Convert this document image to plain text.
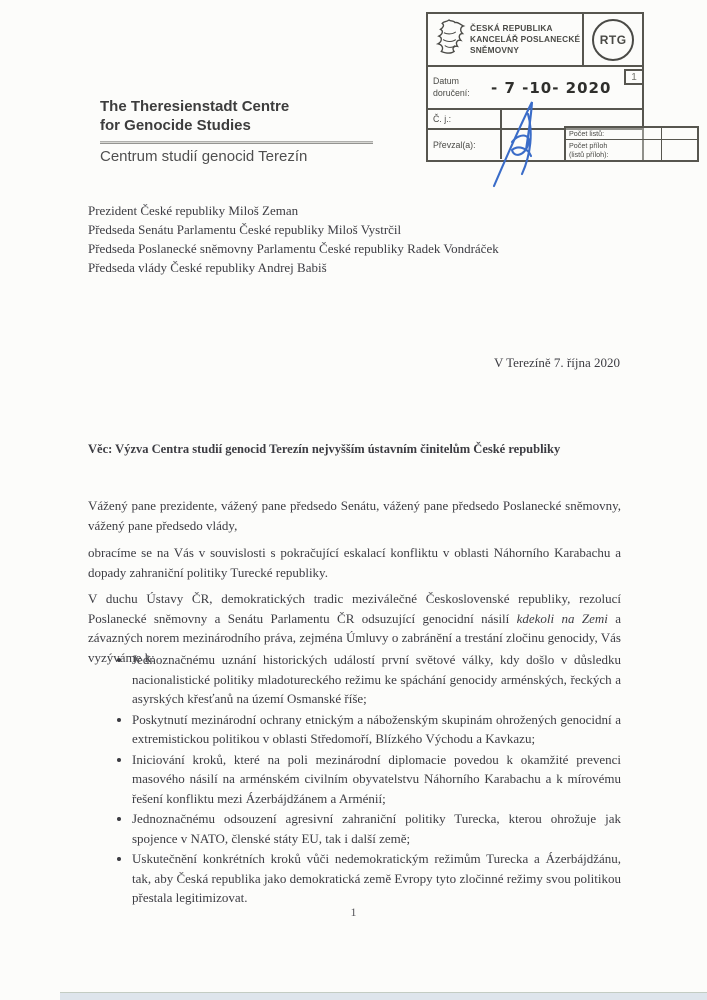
ČESKÁ REPUBLIKA
KANCELÁŘ POSLANECKÉ
SNĚMOVNY
RTG
1
Datum
doručení:	- 7 -10- 2020
Č. j.:
Převzal(a):
Počet listů:
Počet příloh
(listů příloh):
The Theresienstadt Centre
for Genocide Studies
Centrum studií genocid Terezín
Prezident České republiky Miloš Zeman
Předseda Senátu Parlamentu České republiky Miloš Vystrčil
Předseda Poslanecké sněmovny Parlamentu České republiky Radek Vondráček
Předseda vlády České republiky Andrej Babiš
V Terezíně 7. října 2020
Věc: Výzva Centra studií genocid Terezín nejvyšším ústavním činitelům České republiky
Vážený pane prezidente, vážený pane předsedo Senátu, vážený pane předsedo Poslanecké sněmovny, vážený pane předsedo vlády,
obracíme se na Vás v souvislosti s pokračující eskalací konfliktu v oblasti Náhorního Karabachu a dopady zahraniční politiky Turecké republiky.
V duchu Ústavy ČR, demokratických tradic meziválečné Československé republiky, rezolucí Poslanecké sněmovny a Senátu Parlamentu ČR odsuzující genocidní násilí kdekoli na Zemi a závazných norem mezinárodního práva, zejména Úmluvy o zabránění a trestání zločinu genocidy, Vás vyzýváme k:
• Jednoznačnému uznání historických událostí první světové války, kdy došlo v důsledku nacionalistické politiky mladotureckého režimu ke spáchání genocidy arménských, řeckých a asyrských křesťanů na území Osmanské říše;
• Poskytnutí mezinárodní ochrany etnickým a náboženským skupinám ohrožených genocidní a extremistickou politikou v oblasti Středomoří, Blízkého Východu a Kavkazu;
• Iniciování kroků, které na poli mezinárodní diplomacie povedou k okamžité prevenci masového násilí na arménském civilním obyvatelstvu Náhorního Karabachu a k mírovému řešení konfliktu mezi Ázerbájdžánem a Arménií;
• Jednoznačnému odsouzení agresivní zahraniční politiky Turecka, kterou ohrožuje jak spojence v NATO, členské státy EU, tak i další země;
• Uskutečnění konkrétních kroků vůči nedemokratickým režimům Turecka a Ázerbájdžánu, tak, aby Česká republika jako demokratická země Evropy tyto zločinné režimy svou politikou přestala legitimizovat.
1
